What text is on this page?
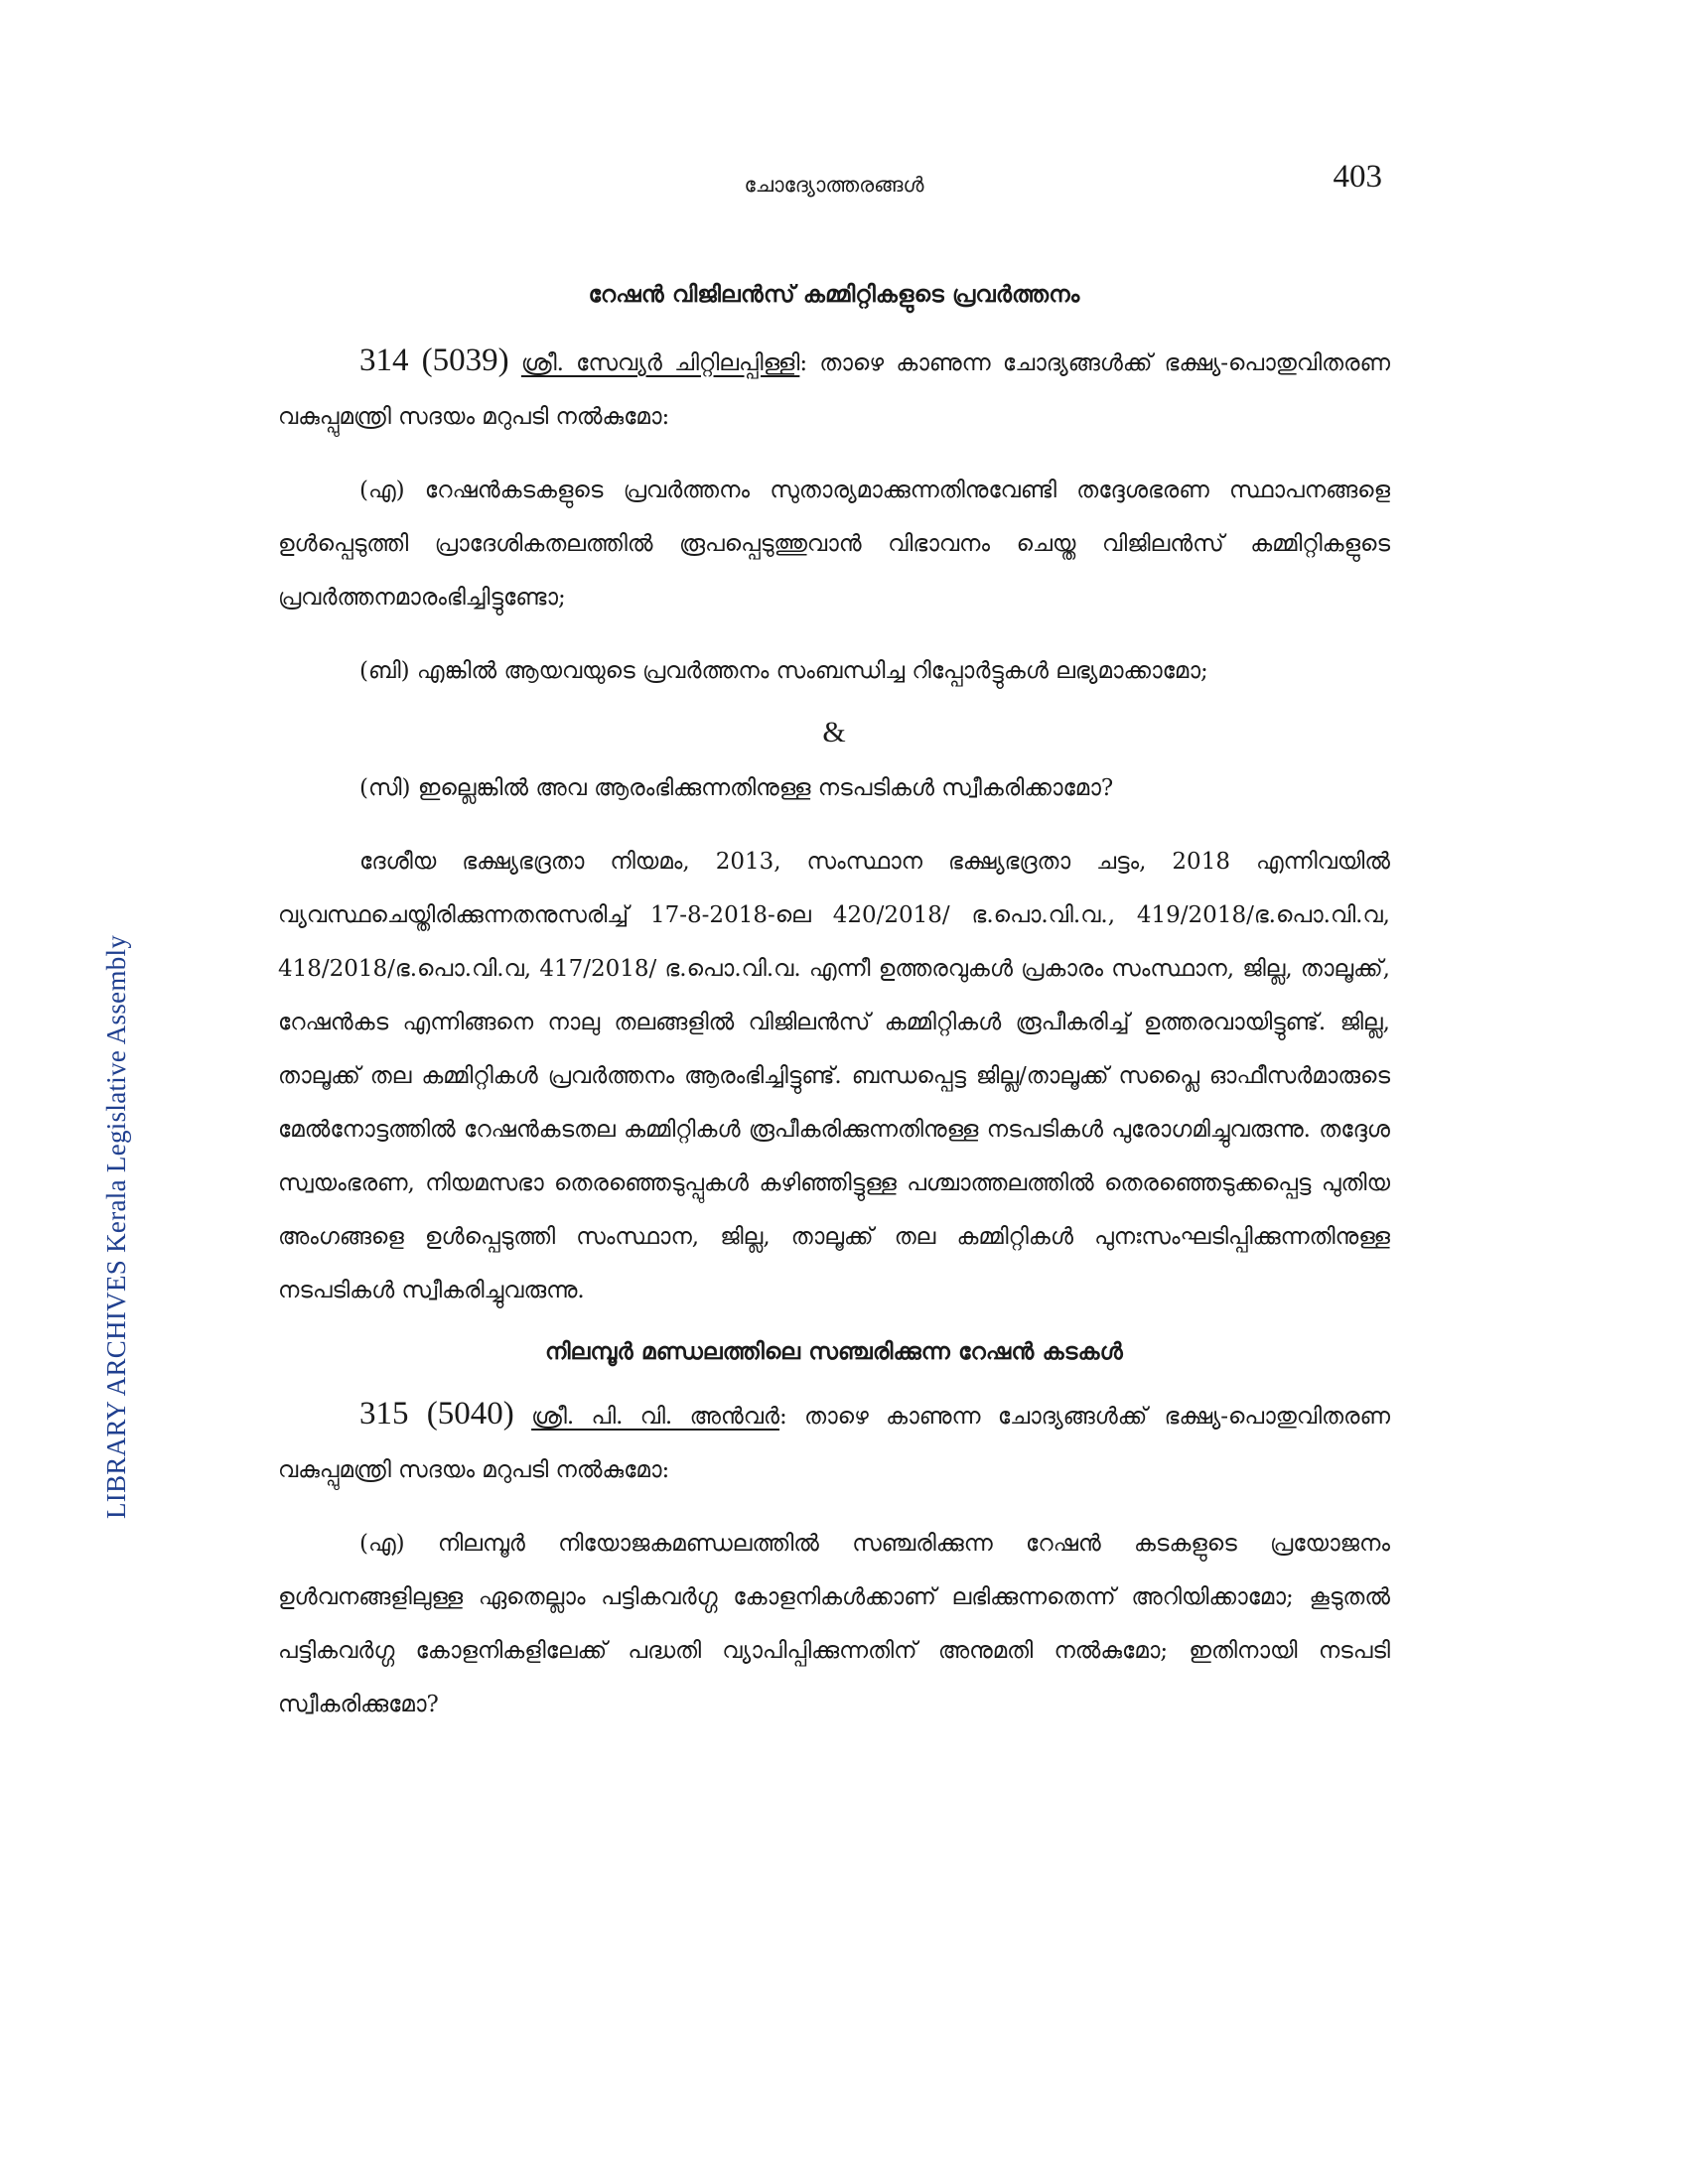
LIBRARY ARCHIVES Kerala Legislative Assembly
ചോദ്യോത്തരങ്ങൾ	403
റേഷൻ വിജിലൻസ് കമ്മിറ്റികളുടെ പ്രവർത്തനം

314 (5039) ശ്രീ. സേവ്യർ ചിറ്റിലപ്പിള്ളി: താഴെ കാണുന്ന ചോദ്യങ്ങൾക്ക് ഭക്ഷ്യ-പൊതുവിതരണ വകുപ്പുമന്ത്രി സദയം മറുപടി നൽകുമോ:

(എ) റേഷൻകടകളുടെ പ്രവർത്തനം സുതാര്യമാക്കുന്നതിനുവേണ്ടി തദ്ദേശഭരണ സ്ഥാപനങ്ങളെ ഉൾപ്പെടുത്തി പ്രാദേശികതലത്തിൽ രൂപപ്പെടുത്തുവാൻ വിഭാവനം ചെയ്ത വിജിലൻസ് കമ്മിറ്റികളുടെ പ്രവർത്തനമാരംഭിച്ചിട്ടുണ്ടോ;

(ബി) എങ്കിൽ ആയവയുടെ പ്രവർത്തനം സംബന്ധിച്ച റിപ്പോർട്ടുകൾ ലഭ്യമാക്കാമോ;

&

(സി) ഇല്ലെങ്കിൽ അവ ആരംഭിക്കുന്നതിനുള്ള നടപടികൾ സ്വീകരിക്കാമോ?

ദേശീയ ഭക്ഷ്യഭദ്രതാ നിയമം, 2013, സംസ്ഥാന ഭക്ഷ്യഭദ്രതാ ചട്ടം, 2018 എന്നിവയിൽ വ്യവസ്ഥചെയ്തിരിക്കുന്നതനുസരിച്ച് 17-8-2018-ലെ 420/2018/ ഭ.പൊ.വി.വ., 419/2018/ഭ.പൊ.വി.വ, 418/2018/ഭ.പൊ.വി.വ, 417/2018/ ഭ.പൊ.വി.വ. എന്നീ ഉത്തരവുകൾ പ്രകാരം സംസ്ഥാന, ജില്ല, താലൂക്ക്, റേഷൻകട എന്നിങ്ങനെ നാലു തലങ്ങളിൽ വിജിലൻസ് കമ്മിറ്റികൾ രൂപീകരിച്ച് ഉത്തരവായിട്ടുണ്ട്. ജില്ല, താലൂക്ക് തല കമ്മിറ്റികൾ പ്രവർത്തനം ആരംഭിച്ചിട്ടുണ്ട്. ബന്ധപ്പെട്ട ജില്ല/താലൂക്ക് സപ്ലൈ ഓഫീസർമാരുടെ മേൽനോട്ടത്തിൽ റേഷൻകടതല കമ്മിറ്റികൾ രൂപീകരിക്കുന്നതിനുള്ള നടപടികൾ പുരോഗമിച്ചുവരുന്നു. തദ്ദേശ സ്വയംഭരണ, നിയമസഭാ തെരഞ്ഞെടുപ്പുകൾ കഴിഞ്ഞിട്ടുള്ള പശ്ചാത്തലത്തിൽ തെരഞ്ഞെടുക്കപ്പെട്ട പുതിയ അംഗങ്ങളെ ഉൾപ്പെടുത്തി സംസ്ഥാന, ജില്ല, താലൂക്ക് തല കമ്മിറ്റികൾ പുനഃസംഘടിപ്പിക്കുന്നതിനുള്ള നടപടികൾ സ്വീകരിച്ചുവരുന്നു.

നിലമ്പൂർ മണ്ഡലത്തിലെ സഞ്ചരിക്കുന്ന റേഷൻ കടകൾ

315 (5040) ശ്രീ. പി. വി. അൻവർ: താഴെ കാണുന്ന ചോദ്യങ്ങൾക്ക് ഭക്ഷ്യ-പൊതുവിതരണ വകുപ്പുമന്ത്രി സദയം മറുപടി നൽകുമോ:

(എ) നിലമ്പൂർ നിയോജകമണ്ഡലത്തിൽ സഞ്ചരിക്കുന്ന റേഷൻ കടകളുടെ പ്രയോജനം ഉൾവനങ്ങളിലുള്ള ഏതെല്ലാം പട്ടികവർഗ്ഗ കോളനികൾക്കാണ് ലഭിക്കുന്നതെന്ന് അറിയിക്കാമോ; കൂടുതൽ പട്ടികവർഗ്ഗ കോളനികളിലേക്ക് പദ്ധതി വ്യാപിപ്പിക്കുന്നതിന് അനുമതി നൽകുമോ; ഇതിനായി നടപടി സ്വീകരിക്കുമോ?
